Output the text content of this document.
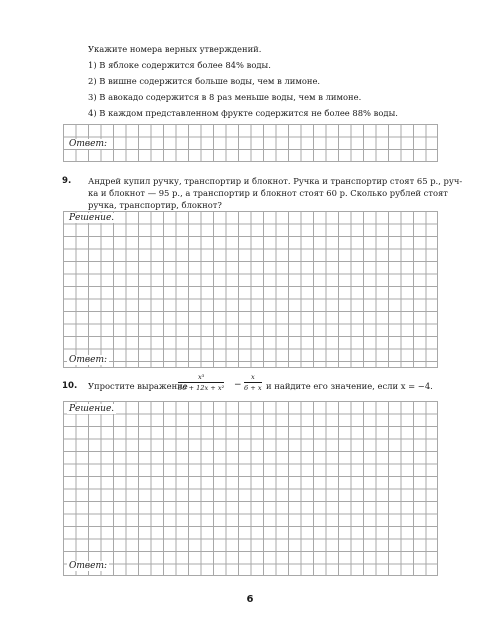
Укажите номера верных утверждений.
1) В яблоке содержится более 84% воды.
2) В вишне содержится больше воды, чем в лимоне.
3) В авокадо содержится в 8 раз меньше воды, чем в лимоне.
4) В каждом представленном фрукте содержится не более 88% воды.
Ответ:
9. Андрей купил ручку, транспортир и блокнот. Ручка и транспортир стоят 65 р., руч-
ка и блокнот — 95 р., а транспортир и блокнот стоят 60 р. Сколько рублей стоят
ручка, транспортир, блокнот?
Решение.
Ответ:
10. Упростите выражение
$\frac{\text{x³}}{\text{36 + 12x + x²}} - \frac{x}{6 + x}$ и найдите его значение, если x = −4.
Решение.
Ответ:
6
